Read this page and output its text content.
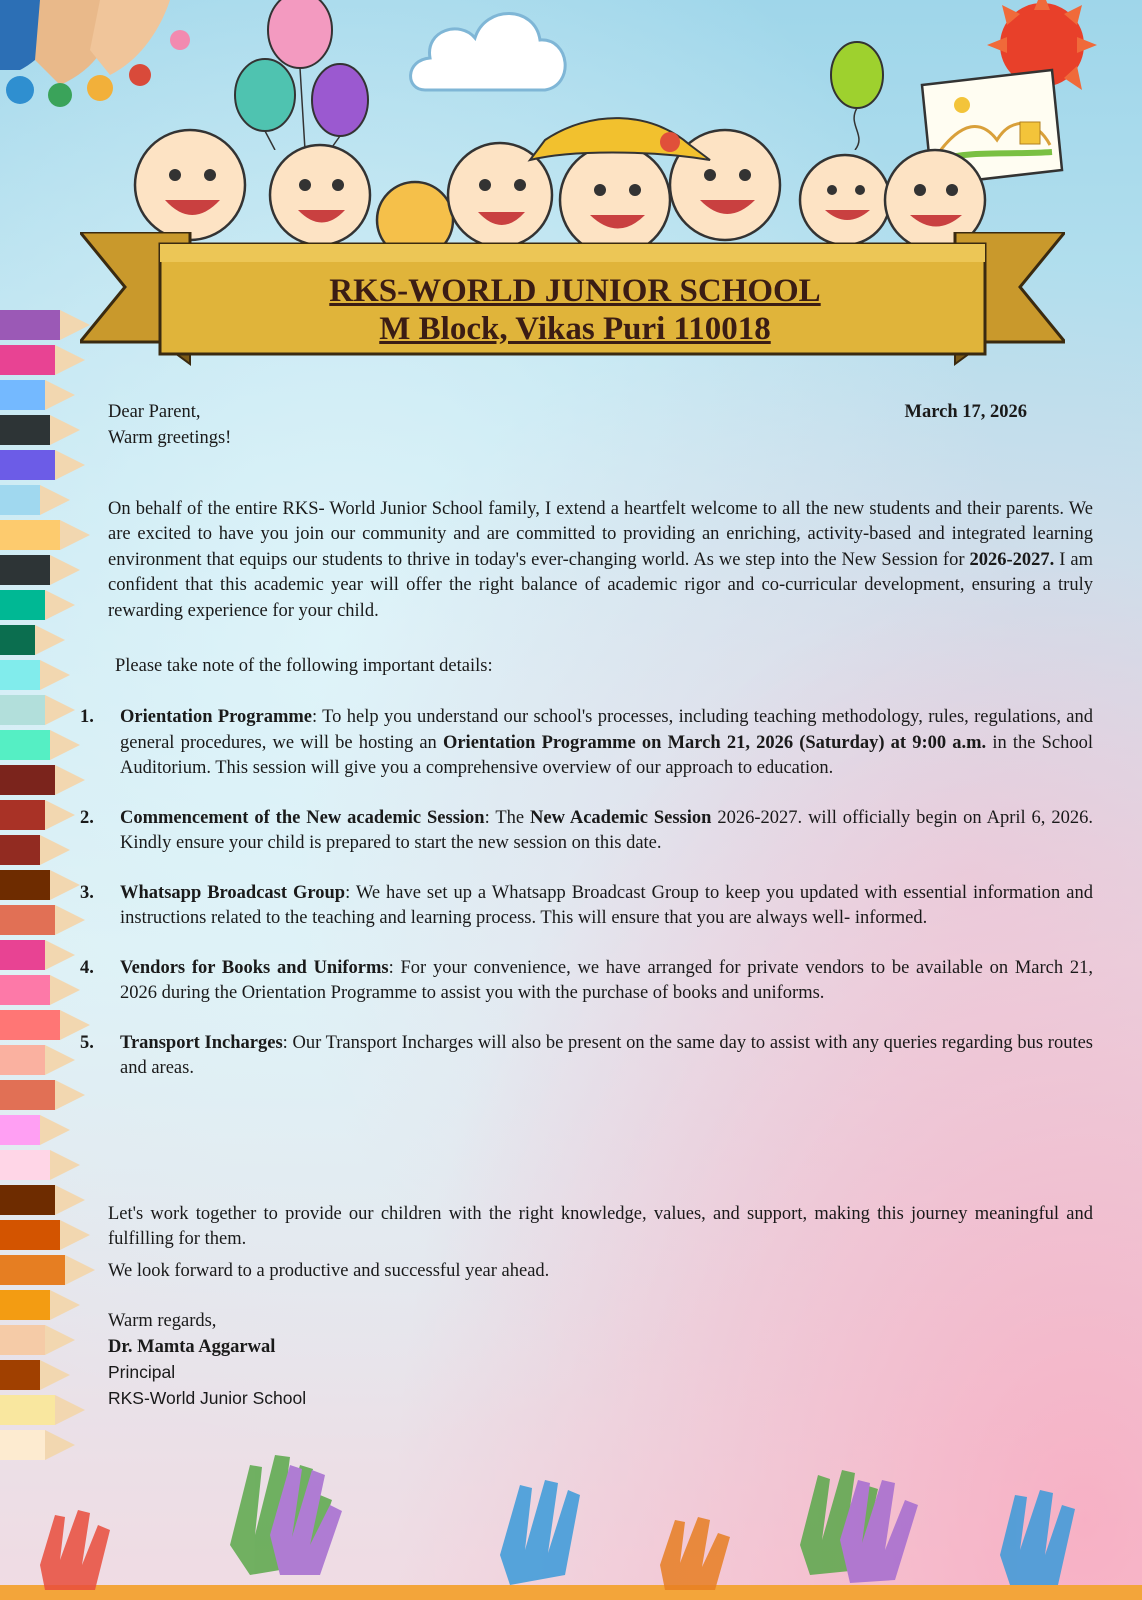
RKS-WORLD JUNIOR SCHOOL
M Block, Vikas Puri 110018
Dear Parent,
Warm greetings!
March 17, 2026

On behalf of the entire RKS- World Junior School family, I extend a heartfelt welcome to all the new students and their parents. We are excited to have you join our community and are committed to providing an enriching, activity-based and integrated learning environment that equips our students to thrive in today's ever-changing world. As we step into the New Session for 2026-2027. I am confident that this academic year will offer the right balance of academic rigor and co-curricular development, ensuring a truly rewarding experience for your child.

Please take note of the following important details:
1. Orientation Programme: To help you understand our school's processes, including teaching methodology, rules, regulations, and general procedures, we will be hosting an Orientation Programme on March 21, 2026 (Saturday) at 9:00 a.m. in the School Auditorium. This session will give you a comprehensive overview of our approach to education.
2. Commencement of the New academic Session: The New Academic Session 2026-2027. will officially begin on April 6, 2026. Kindly ensure your child is prepared to start the new session on this date.
3. Whatsapp Broadcast Group: We have set up a Whatsapp Broadcast Group to keep you updated with essential information and instructions related to the teaching and learning process. This will ensure that you are always well- informed.
4. Vendors for Books and Uniforms: For your convenience, we have arranged for private vendors to be available on March 21, 2026 during the Orientation Programme to assist you with the purchase of books and uniforms.
5. Transport Incharges: Our Transport Incharges will also be present on the same day to assist with any queries regarding bus routes and areas.

Let's work together to provide our children with the right knowledge, values, and support, making this journey meaningful and fulfilling for them.

We look forward to a productive and successful year ahead.
Warm regards,
Dr. Mamta Aggarwal
Principal
RKS-World Junior School
